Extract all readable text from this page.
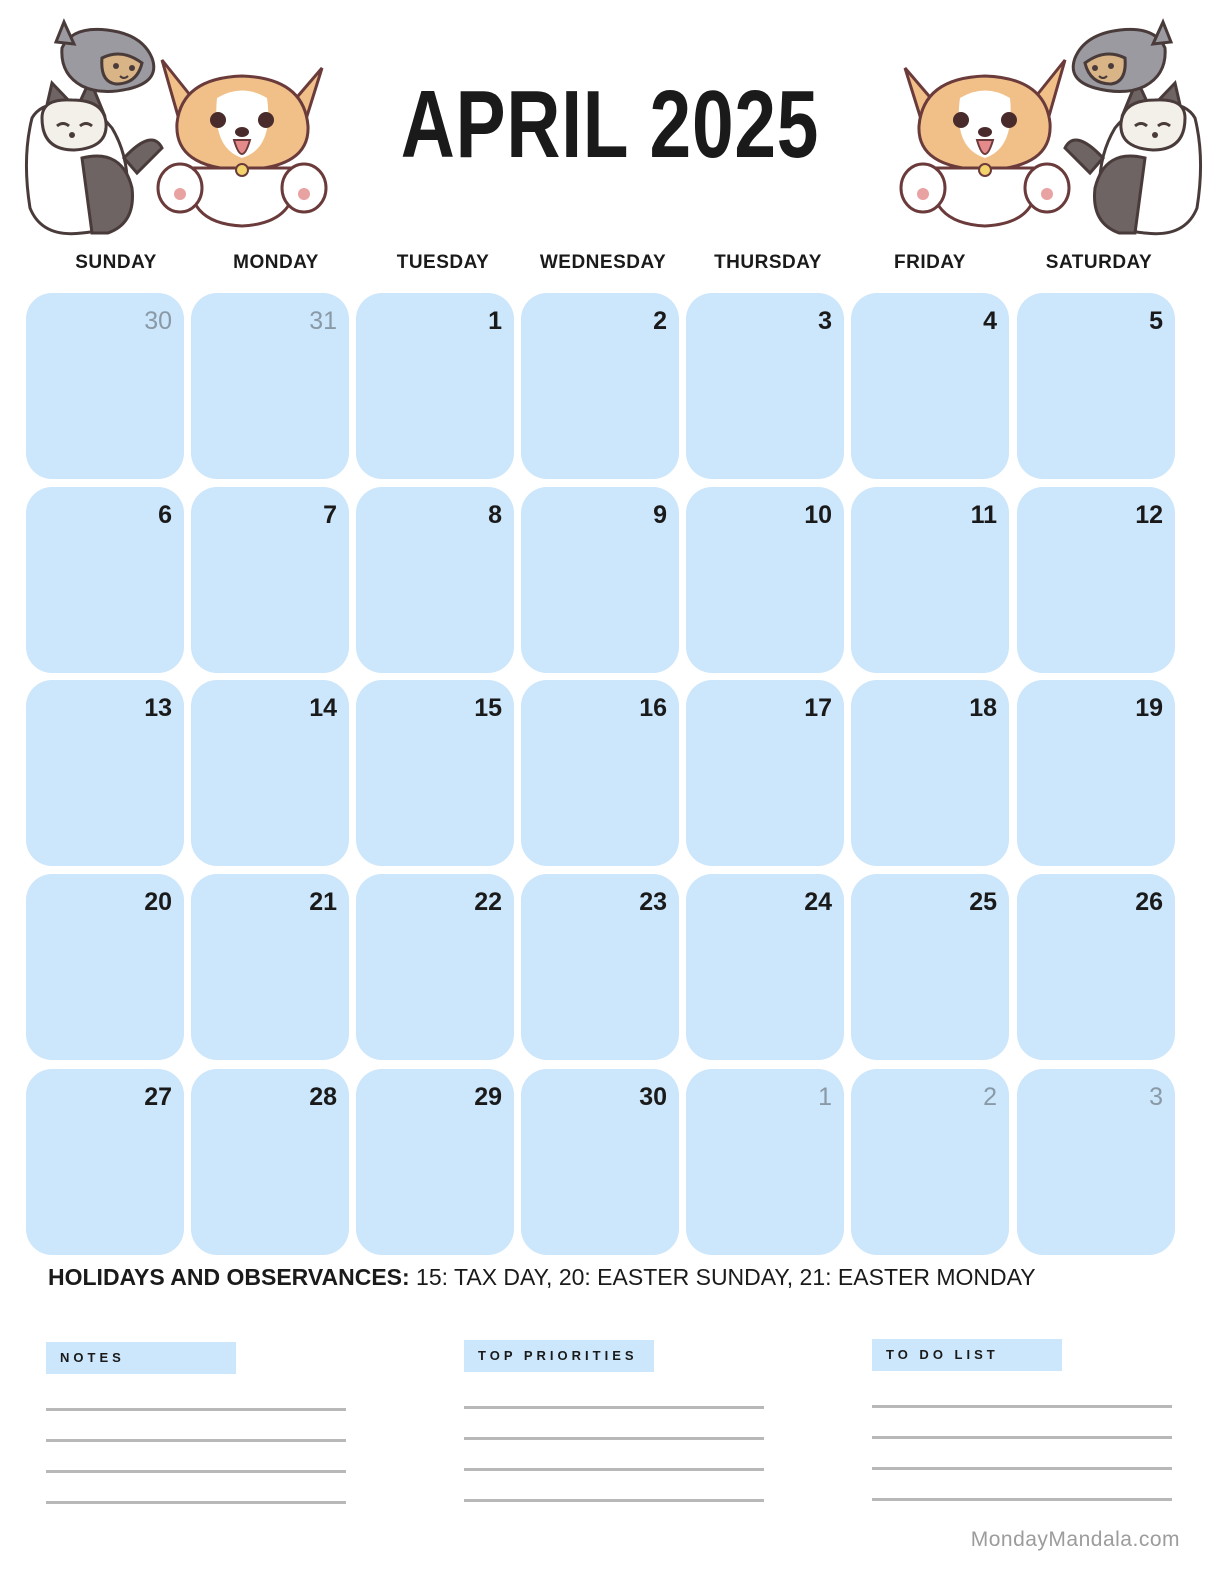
APRIL 2025
SUNDAY	MONDAY	TUESDAY	WEDNESDAY	THURSDAY	FRIDAY	SATURDAY
30	31	1	2	3	4	5
6	7	8	9	10	11	12
13	14	15	16	17	18	19
20	21	22	23	24	25	26
27	28	29	30	1	2	3
HOLIDAYS AND OBSERVANCES: 15: TAX DAY, 20: EASTER SUNDAY, 21: EASTER MONDAY
NOTES	TOP PRIORITIES	TO DO LIST
MondayMandala.com
